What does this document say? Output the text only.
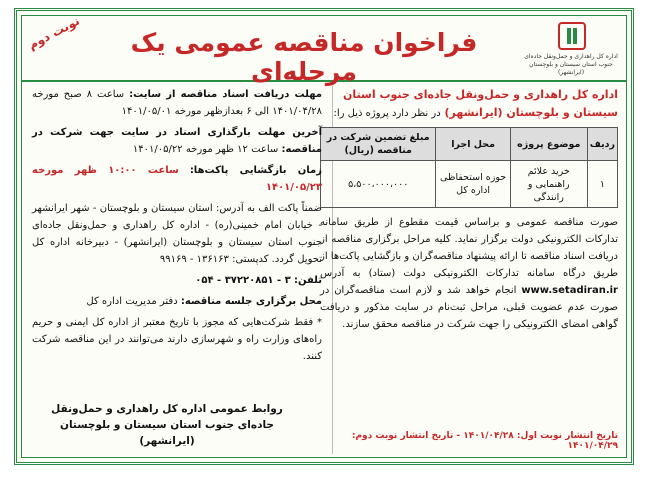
اداره کل راهداری و حمل‌ونقل جاده‌ای جنوب استان سیستان و بلوچستان (ایرانشهر)
فراخوان مناقصه عمومی یک مرحله‌ای
نوبت دوم
اداره کل راهداری و حمل‌ونقل جاده‌ای جنوب استان سیستان و بلوچستان (ایرانشهر) در نظر دارد پروژه ذیل را:
ردیف	موضوع پروژه	محل اجرا	مبلغ تضمین شرکت در مناقصه (ریال)
۱	خرید علائم راهنمایی و رانندگی	حوزه استحفاظی اداره کل	۵،۵۰۰،۰۰۰،۰۰۰
صورت مناقصه عمومی و براساس قیمت مقطوع از طریق سامانه تدارکات الکترونیکی دولت برگزار نماید. کلیه مراحل برگزاری مناقصه از دریافت اسناد مناقصه تا ارائه پیشنهاد مناقصه‌گران و بازگشایی پاکت‌ها از طریق درگاه سامانه تدارکات الکترونیکی دولت (ستاد) به آدرس www.setadiran.ir انجام خواهد شد و لازم است مناقصه‌گران در صورت عدم عضویت قبلی، مراحل ثبت‌نام در سایت مذکور و دریافت گواهی امضای الکترونیکی را جهت شرکت در مناقصه محقق سازند.
تاریخ انتشار نوبت اول: ۱۴۰۱/۰۴/۲۸ - تاریخ انتشار نوبت دوم: ۱۴۰۱/۰۴/۲۹

مهلت دریافت اسناد مناقصه از سایت: ساعت ۸ صبح مورخه ۱۴۰۱/۰۴/۲۸ الی ۶ بعدازظهر مورخه ۱۴۰۱/۰۵/۰۱

آخرین مهلت بارگذاری اسناد در سایت جهت شرکت در مناقصه: ساعت ۱۲ ظهر مورخه ۱۴۰۱/۰۵/۲۲

زمان بازگشایی پاکت‌ها: ساعت ۱۰:۰۰ ظهر مورخه ۱۴۰۱/۰۵/۲۳

ضمناً پاکت الف به آدرس: استان سیستان و بلوچستان - شهر ایرانشهر - خیابان امام خمینی(ره) - اداره کل راهداری و حمل‌ونقل جاده‌ای جنوب استان سیستان و بلوچستان (ایرانشهر) - دبیرخانه اداره کل تحویل گردد. کدپستی: ۱۳۶۱۶۳ - ۹۹۱۶۹

تلفن: ۳ - ۳۷۲۲۰۸۵۱ - ۰۵۴

محل برگزاری جلسه مناقصه: دفتر مدیریت اداره کل

* فقط شرکت‌هایی که مجوز با تاریخ معتبر از اداره کل ایمنی و حریم راه‌های وزارت راه و شهرسازی دارند می‌توانند در این مناقصه شرکت کنند.

روابط عمومی اداره کل راهداری و حمل‌ونقل جاده‌ای جنوب استان سیستان و بلوچستان (ایرانشهر)
